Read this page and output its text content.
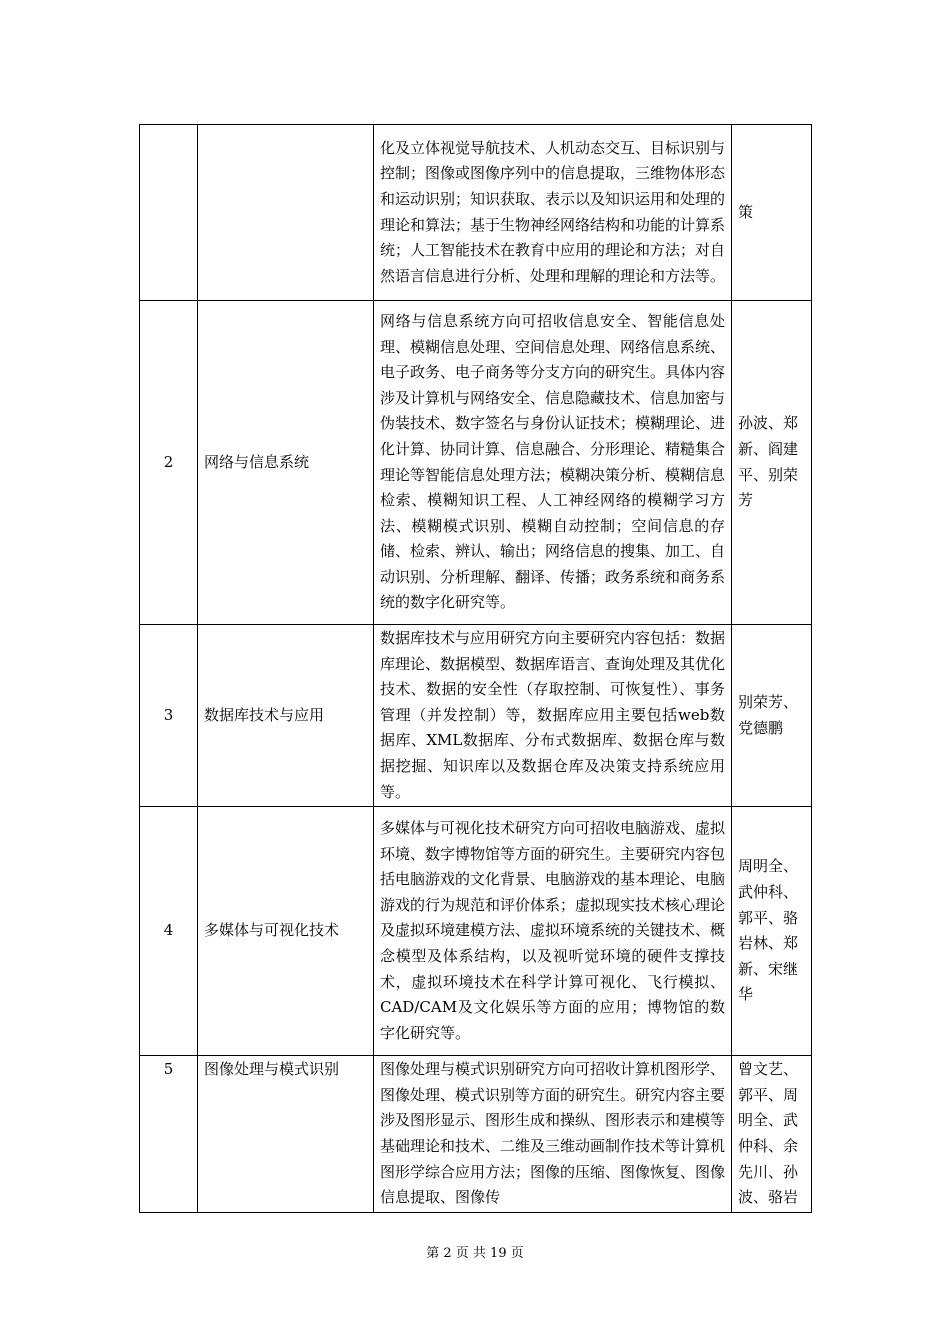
		化及立体视觉导航技术、人机动态交互、目标识别与控制；图像或图像序列中的信息提取，三维物体形态和运动识别；知识获取、表示以及知识运用和处理的理论和算法；基于生物神经网络结构和功能的计算系统；人工智能技术在教育中应用的理论和方法；对自然语言信息进行分析、处理和理解的理论和方法等。	策
2	网络与信息系统	网络与信息系统方向可招收信息安全、智能信息处理、模糊信息处理、空间信息处理、网络信息系统、电子政务、电子商务等分支方向的研究生。具体内容涉及计算机与网络安全、信息隐藏技术、信息加密与伪装技术、数字签名与身份认证技术；模糊理论、进化计算、协同计算、信息融合、分形理论、精糙集合理论等智能信息处理方法；模糊决策分析、模糊信息检索、模糊知识工程、人工神经网络的模糊学习方法、模糊模式识别、模糊自动控制；空间信息的存储、检索、辨认、输出；网络信息的搜集、加工、自动识别、分析理解、翻译、传播；政务系统和商务系统的数字化研究等。	孙波、郑新、阎建平、别荣芳
3	数据库技术与应用	数据库技术与应用研究方向主要研究内容包括：数据库理论、数据模型、数据库语言、查询处理及其优化技术、数据的安全性（存取控制、可恢复性）、事务管理（并发控制）等，数据库应用主要包括web数据库、XML数据库、分布式数据库、数据仓库与数据挖掘、知识库以及数据仓库及决策支持系统应用等。	别荣芳、党德鹏
4	多媒体与可视化技术	多媒体与可视化技术研究方向可招收电脑游戏、虚拟环境、数字博物馆等方面的研究生。主要研究内容包括电脑游戏的文化背景、电脑游戏的基本理论、电脑游戏的行为规范和评价体系；虚拟现实技术核心理论及虚拟环境建模方法、虚拟环境系统的关键技术、概念模型及体系结构，以及视听觉环境的硬件支撑技术，虚拟环境技术在科学计算可视化、飞行模拟、CAD/CAM及文化娱乐等方面的应用；博物馆的数字化研究等。	周明全、武仲科、郭平、骆岩林、郑新、宋继华
5	图像处理与模式识别	图像处理与模式识别研究方向可招收计算机图形学、图像处理、模式识别等方面的研究生。研究内容主要涉及图形显示、图形生成和操纵、图形表示和建模等基础理论和技术、二维及三维动画制作技术等计算机图形学综合应用方法；图像的压缩、图像恢复、图像信息提取、图像传	曾文艺、郭平、周明全、武仲科、余先川、孙波、骆岩
第 2 页 共 19 页
